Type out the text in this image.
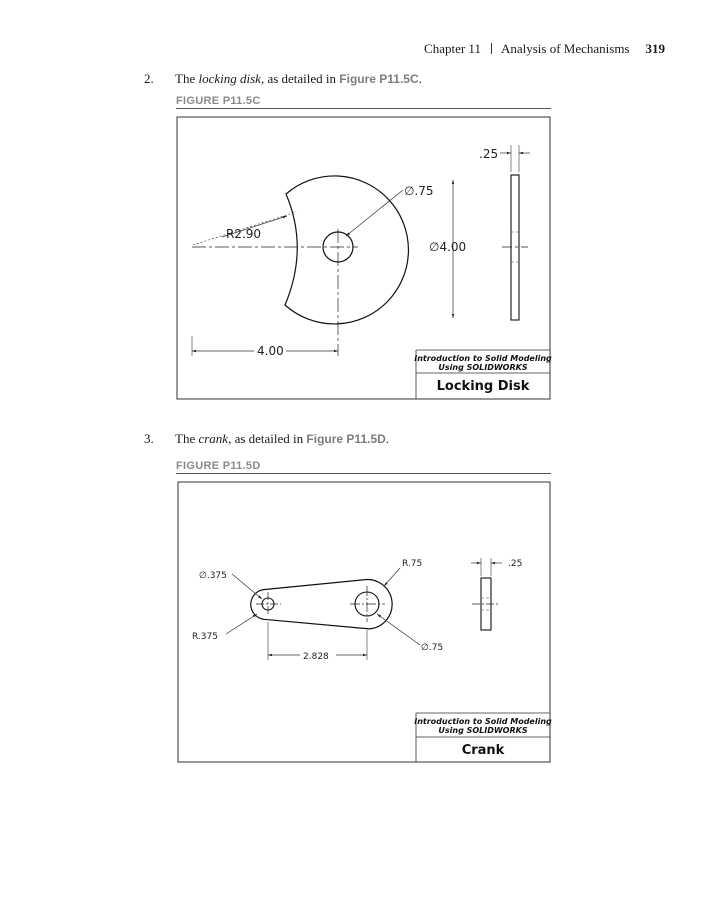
Chapter 11 Analysis of Mechanisms 319
2. The locking disk, as detailed in Figure P11.5C.
FIGURE P11.5C
3. The crank, as detailed in Figure P11.5D.
FIGURE P11.5D
.25
∅.75
∅4.00
R2.90
4.00
Introduction to Solid Modeling
Using SOLIDWORKS
Locking Disk
∅.375
R.75	.25
R.375
∅.75
2.828
Introduction to Solid Modeling
Using SOLIDWORKS
Crank
